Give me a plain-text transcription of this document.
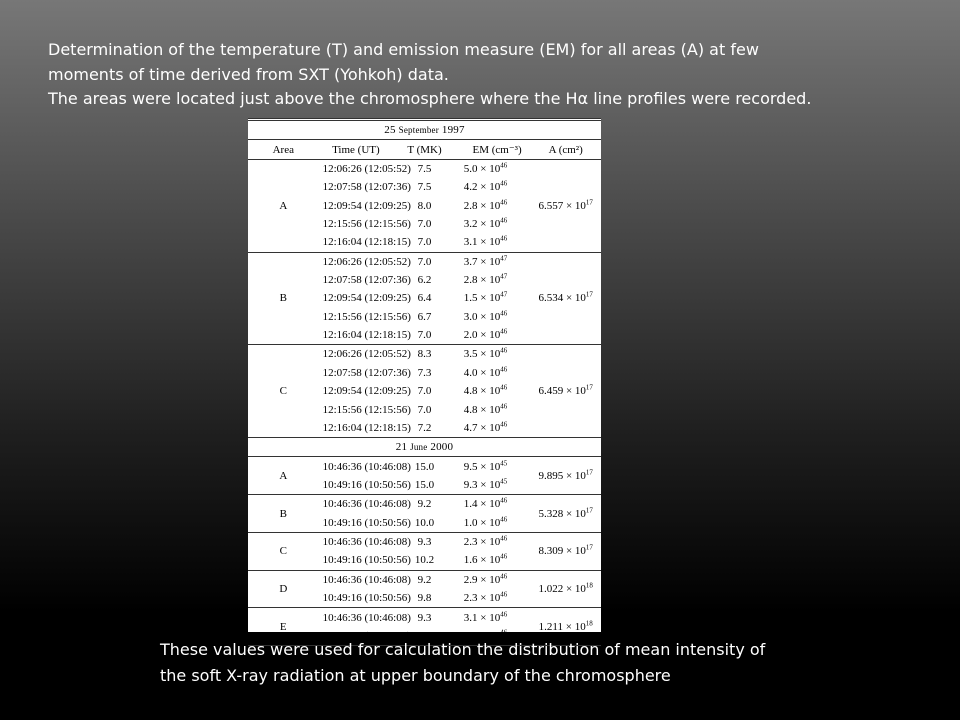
Determination of the temperature (T) and emission measure (EM) for all areas (A) at few
moments of time derived from SXT (Yohkoh) data.
The areas were located just above the chromosphere where the Hα line profiles were recorded.
25 September 1997				
Area	Time (UT)	T (MK)	EM (cm⁻³)	A (cm²)
A	12:06:26 (12:05:52)	7.5	$5.0 \times 10^{46}$	$6.557 \times 10^{17}$
	12:07:58 (12:07:36)	7.5	$4.2 \times 10^{46}$
	12:09:54 (12:09:25)	8.0	$2.8 \times 10^{46}$
	12:15:56 (12:15:56)	7.0	$3.2 \times 10^{46}$
	12:16:04 (12:18:15)	7.0	$3.1 \times 10^{46}$
B	12:06:26 (12:05:52)	7.0	$3.7 \times 10^{47}$	$6.534 \times 10^{17}$
	12:07:58 (12:07:36)	6.2	$2.8 \times 10^{47}$
	12:09:54 (12:09:25)	6.4	$1.5 \times 10^{47}$
	12:15:56 (12:15:56)	6.7	$3.0 \times 10^{46}$
	12:16:04 (12:18:15)	7.0	$2.0 \times 10^{46}$
C	12:06:26 (12:05:52)	8.3	$3.5 \times 10^{46}$	$6.459 \times 10^{17}$
	12:07:58 (12:07:36)	7.3	$4.0 \times 10^{46}$
	12:09:54 (12:09:25)	7.0	$4.8 \times 10^{46}$
	12:15:56 (12:15:56)	7.0	$4.8 \times 10^{46}$
	12:16:04 (12:18:15)	7.2	$4.7 \times 10^{46}$
21 June 2000				
A	10:46:36 (10:46:08)	15.0	$9.5 \times 10^{45}$	$9.895 \times 10^{17}$
	10:49:16 (10:50:56)	15.0	$9.3 \times 10^{45}$
B	10:46:36 (10:46:08)	9.2	$1.4 \times 10^{46}$	$5.328 \times 10^{17}$
	10:49:16 (10:50:56)	10.0	$1.0 \times 10^{46}$
C	10:46:36 (10:46:08)	9.3	$2.3 \times 10^{46}$	$8.309 \times 10^{17}$
	10:49:16 (10:50:56)	10.2	$1.6 \times 10^{46}$
D	10:46:36 (10:46:08)	9.2	$2.9 \times 10^{46}$	$1.022 \times 10^{18}$
	10:49:16 (10:50:56)	9.8	$2.3 \times 10^{46}$
E	10:46:36 (10:46:08)	9.3	$3.1 \times 10^{46}$	$1.211 \times 10^{18}$
	10:49:16 (10:50:56)	9.0	$2.8 \times 10^{46}$
These values were used for calculation the distribution of mean intensity of
the soft X-ray radiation at upper boundary of the chromosphere
